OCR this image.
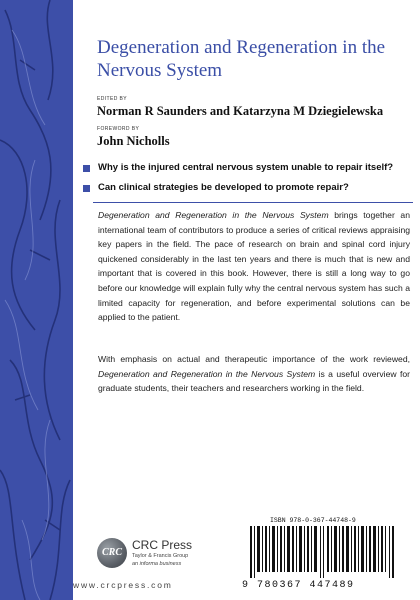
Degeneration and Regeneration in the Nervous System
EDITED BY
Norman R Saunders and Katarzyna M Dziegielewska
FOREWORD BY
John Nicholls
Why is the injured central nervous system unable to repair itself?
Can clinical strategies be developed to promote repair?
Degeneration and Regeneration in the Nervous System brings together an international team of contributors to produce a series of critical reviews appraising key papers in the field. The pace of research on brain and spinal cord injury quickened considerably in the last ten years and there is much that is new and important that is covered in this book. However, there is still a long way to go before our knowledge will explain fully why the central nervous system has such a limited capacity for regeneration, and before experimental solutions can be applied to the patient.
With emphasis on actual and therapeutic importance of the work reviewed, Degeneration and Regeneration in the Nervous System is a useful overview for graduate students, their teachers and researchers working in the field.
CRC
CRC Press
Taylor & Francis Group
an informa business
www.crcpress.com
ISBN 978-0-367-44748-9
9 780367 447489
